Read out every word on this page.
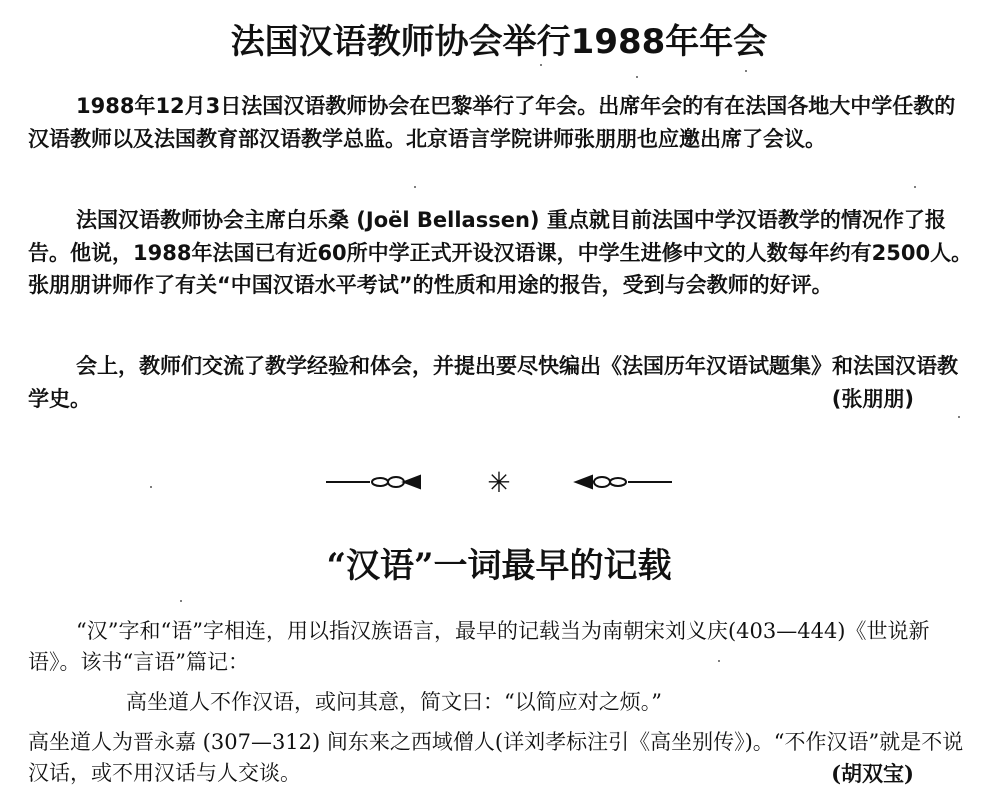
法国汉语教师协会举行1988年年会

1988年12月3日法国汉语教师协会在巴黎举行了年会。出席年会的有在法国各地大中学任教的汉语教师以及法国教育部汉语教学总监。北京语言学院讲师张朋朋也应邀出席了会议。

法国汉语教师协会主席白乐桑 (Joël Bellassen) 重点就目前法国中学汉语教学的情况作了报告。他说，1988年法国已有近60所中学正式开设汉语课，中学生进修中文的人数每年约有2500人。张朋朋讲师作了有关“中国汉语水平考试”的性质和用途的报告，受到与会教师的好评。

会上，教师们交流了教学经验和体会，并提出要尽快编出《法国历年汉语试题集》和法国汉语教学史。	(张朋朋)

✳
“汉语”一词最早的记载

“汉”字和“语”字相连，用以指汉族语言，最早的记载当为南朝宋刘义庆(403—444)《世说新语》。该书“言语”篇记：

高坐道人不作汉语，或问其意，简文曰：“以简应对之烦。”

高坐道人为晋永嘉 (307—312) 间东来之西域僧人(详刘孝标注引《高坐别传》)。“不作汉语”就是不说汉话，或不用汉话与人交谈。	(胡双宝)
